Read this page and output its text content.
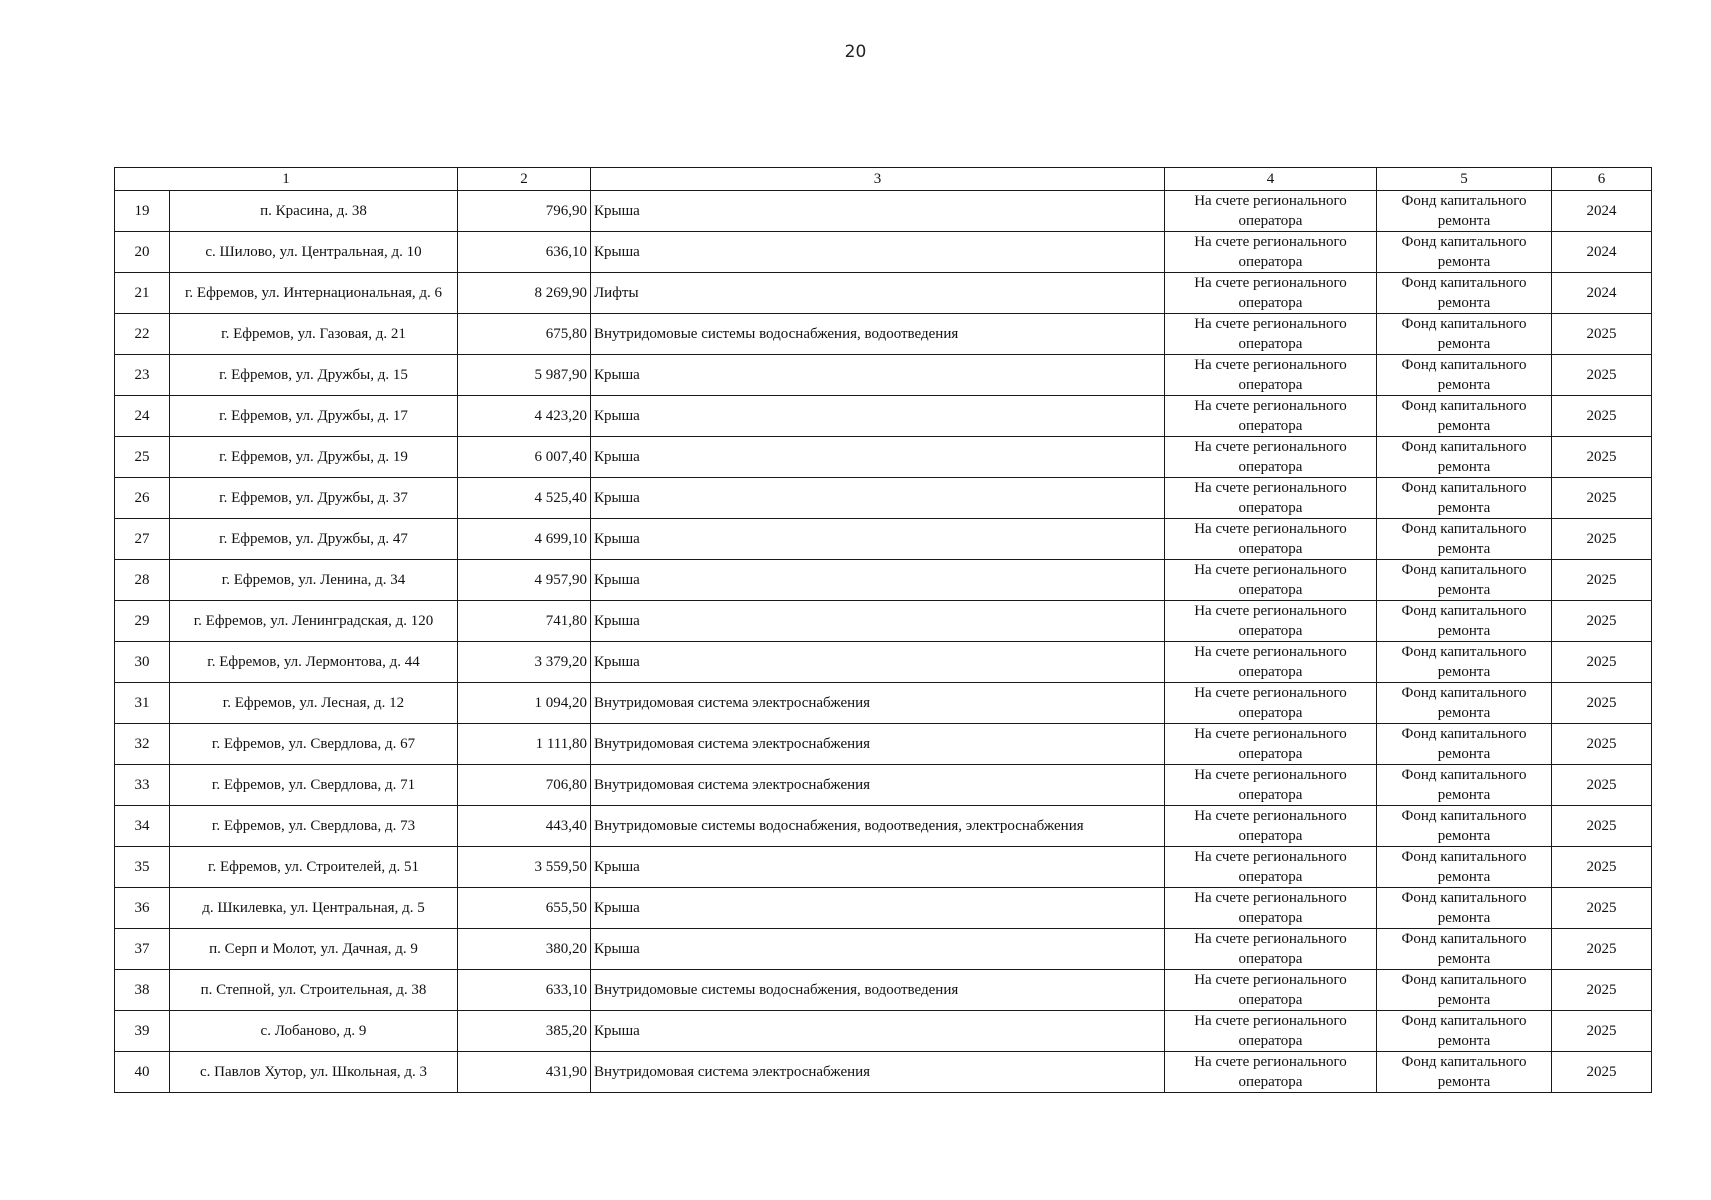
20
1		2	3	4	5	6
19	п. Красина, д. 38	796,90	Крыша	На счете регионального оператора	Фонд капитального ремонта	2024
20	с. Шилово, ул. Центральная, д. 10	636,10	Крыша	На счете регионального оператора	Фонд капитального ремонта	2024
21	г. Ефремов, ул. Интернациональная, д. 6	8 269,90	Лифты	На счете регионального оператора	Фонд капитального ремонта	2024
22	г. Ефремов, ул. Газовая, д. 21	675,80	Внутридомовые системы водоснабжения, водоотведения	На счете регионального оператора	Фонд капитального ремонта	2025
23	г. Ефремов, ул. Дружбы, д. 15	5 987,90	Крыша	На счете регионального оператора	Фонд капитального ремонта	2025
24	г. Ефремов, ул. Дружбы, д. 17	4 423,20	Крыша	На счете регионального оператора	Фонд капитального ремонта	2025
25	г. Ефремов, ул. Дружбы, д. 19	6 007,40	Крыша	На счете регионального оператора	Фонд капитального ремонта	2025
26	г. Ефремов, ул. Дружбы, д. 37	4 525,40	Крыша	На счете регионального оператора	Фонд капитального ремонта	2025
27	г. Ефремов, ул. Дружбы, д. 47	4 699,10	Крыша	На счете регионального оператора	Фонд капитального ремонта	2025
28	г. Ефремов, ул. Ленина, д. 34	4 957,90	Крыша	На счете регионального оператора	Фонд капитального ремонта	2025
29	г. Ефремов, ул. Ленинградская, д. 120	741,80	Крыша	На счете регионального оператора	Фонд капитального ремонта	2025
30	г. Ефремов, ул. Лермонтова, д. 44	3 379,20	Крыша	На счете регионального оператора	Фонд капитального ремонта	2025
31	г. Ефремов, ул. Лесная, д. 12	1 094,20	Внутридомовая система электроснабжения	На счете регионального оператора	Фонд капитального ремонта	2025
32	г. Ефремов, ул. Свердлова, д. 67	1 111,80	Внутридомовая система электроснабжения	На счете регионального оператора	Фонд капитального ремонта	2025
33	г. Ефремов, ул. Свердлова, д. 71	706,80	Внутридомовая система электроснабжения	На счете регионального оператора	Фонд капитального ремонта	2025
34	г. Ефремов, ул. Свердлова, д. 73	443,40	Внутридомовые системы водоснабжения, водоотведения, электроснабжения	На счете регионального оператора	Фонд капитального ремонта	2025
35	г. Ефремов, ул. Строителей, д. 51	3 559,50	Крыша	На счете регионального оператора	Фонд капитального ремонта	2025
36	д. Шкилевка, ул. Центральная, д. 5	655,50	Крыша	На счете регионального оператора	Фонд капитального ремонта	2025
37	п. Серп и Молот, ул. Дачная, д. 9	380,20	Крыша	На счете регионального оператора	Фонд капитального ремонта	2025
38	п. Степной, ул. Строительная, д. 38	633,10	Внутридомовые системы водоснабжения, водоотведения	На счете регионального оператора	Фонд капитального ремонта	2025
39	с. Лобаново, д. 9	385,20	Крыша	На счете регионального оператора	Фонд капитального ремонта	2025
40	с. Павлов Хутор, ул. Школьная, д. 3	431,90	Внутридомовая система электроснабжения	На счете регионального оператора	Фонд капитального ремонта	2025
